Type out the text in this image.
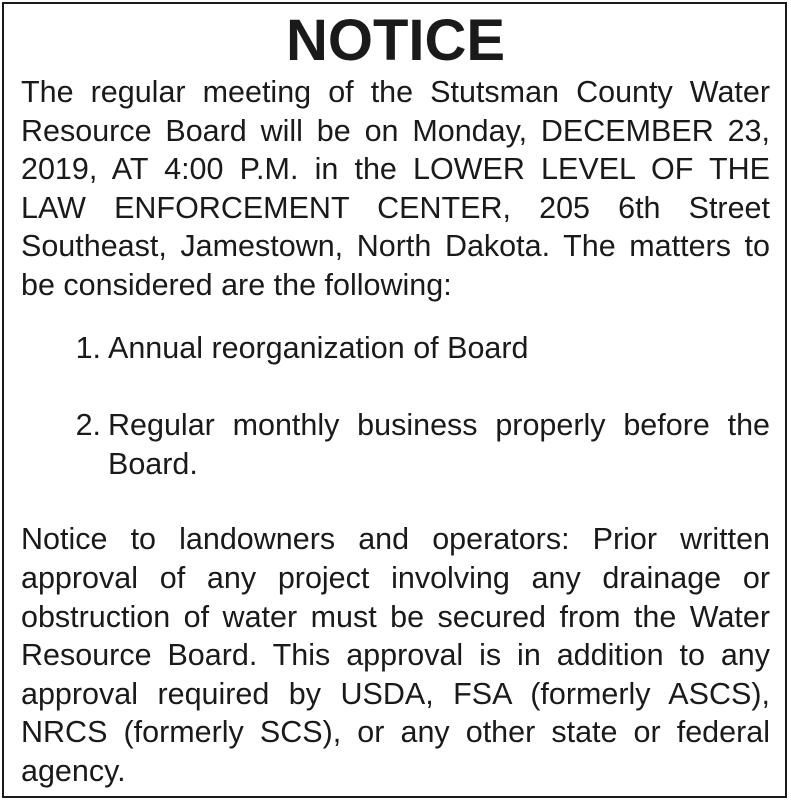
NOTICE

The regular meeting of the Stutsman County Water Resource Board will be on Monday, DECEMBER 23, 2019, AT 4:00 P.M. in the LOWER LEVEL OF THE LAW ENFORCEMENT CENTER, 205 6th Street Southeast, Jamestown, North Dakota. The matters to be considered are the following:

1. Annual reorganization of Board
2. Regular monthly business properly before the Board.

Notice to landowners and operators: Prior written approval of any project involving any drainage or obstruction of water must be secured from the Water Resource Board. This approval is in addition to any approval required by USDA, FSA (formerly ASCS), NRCS (formerly SCS), or any other state or federal agency.
